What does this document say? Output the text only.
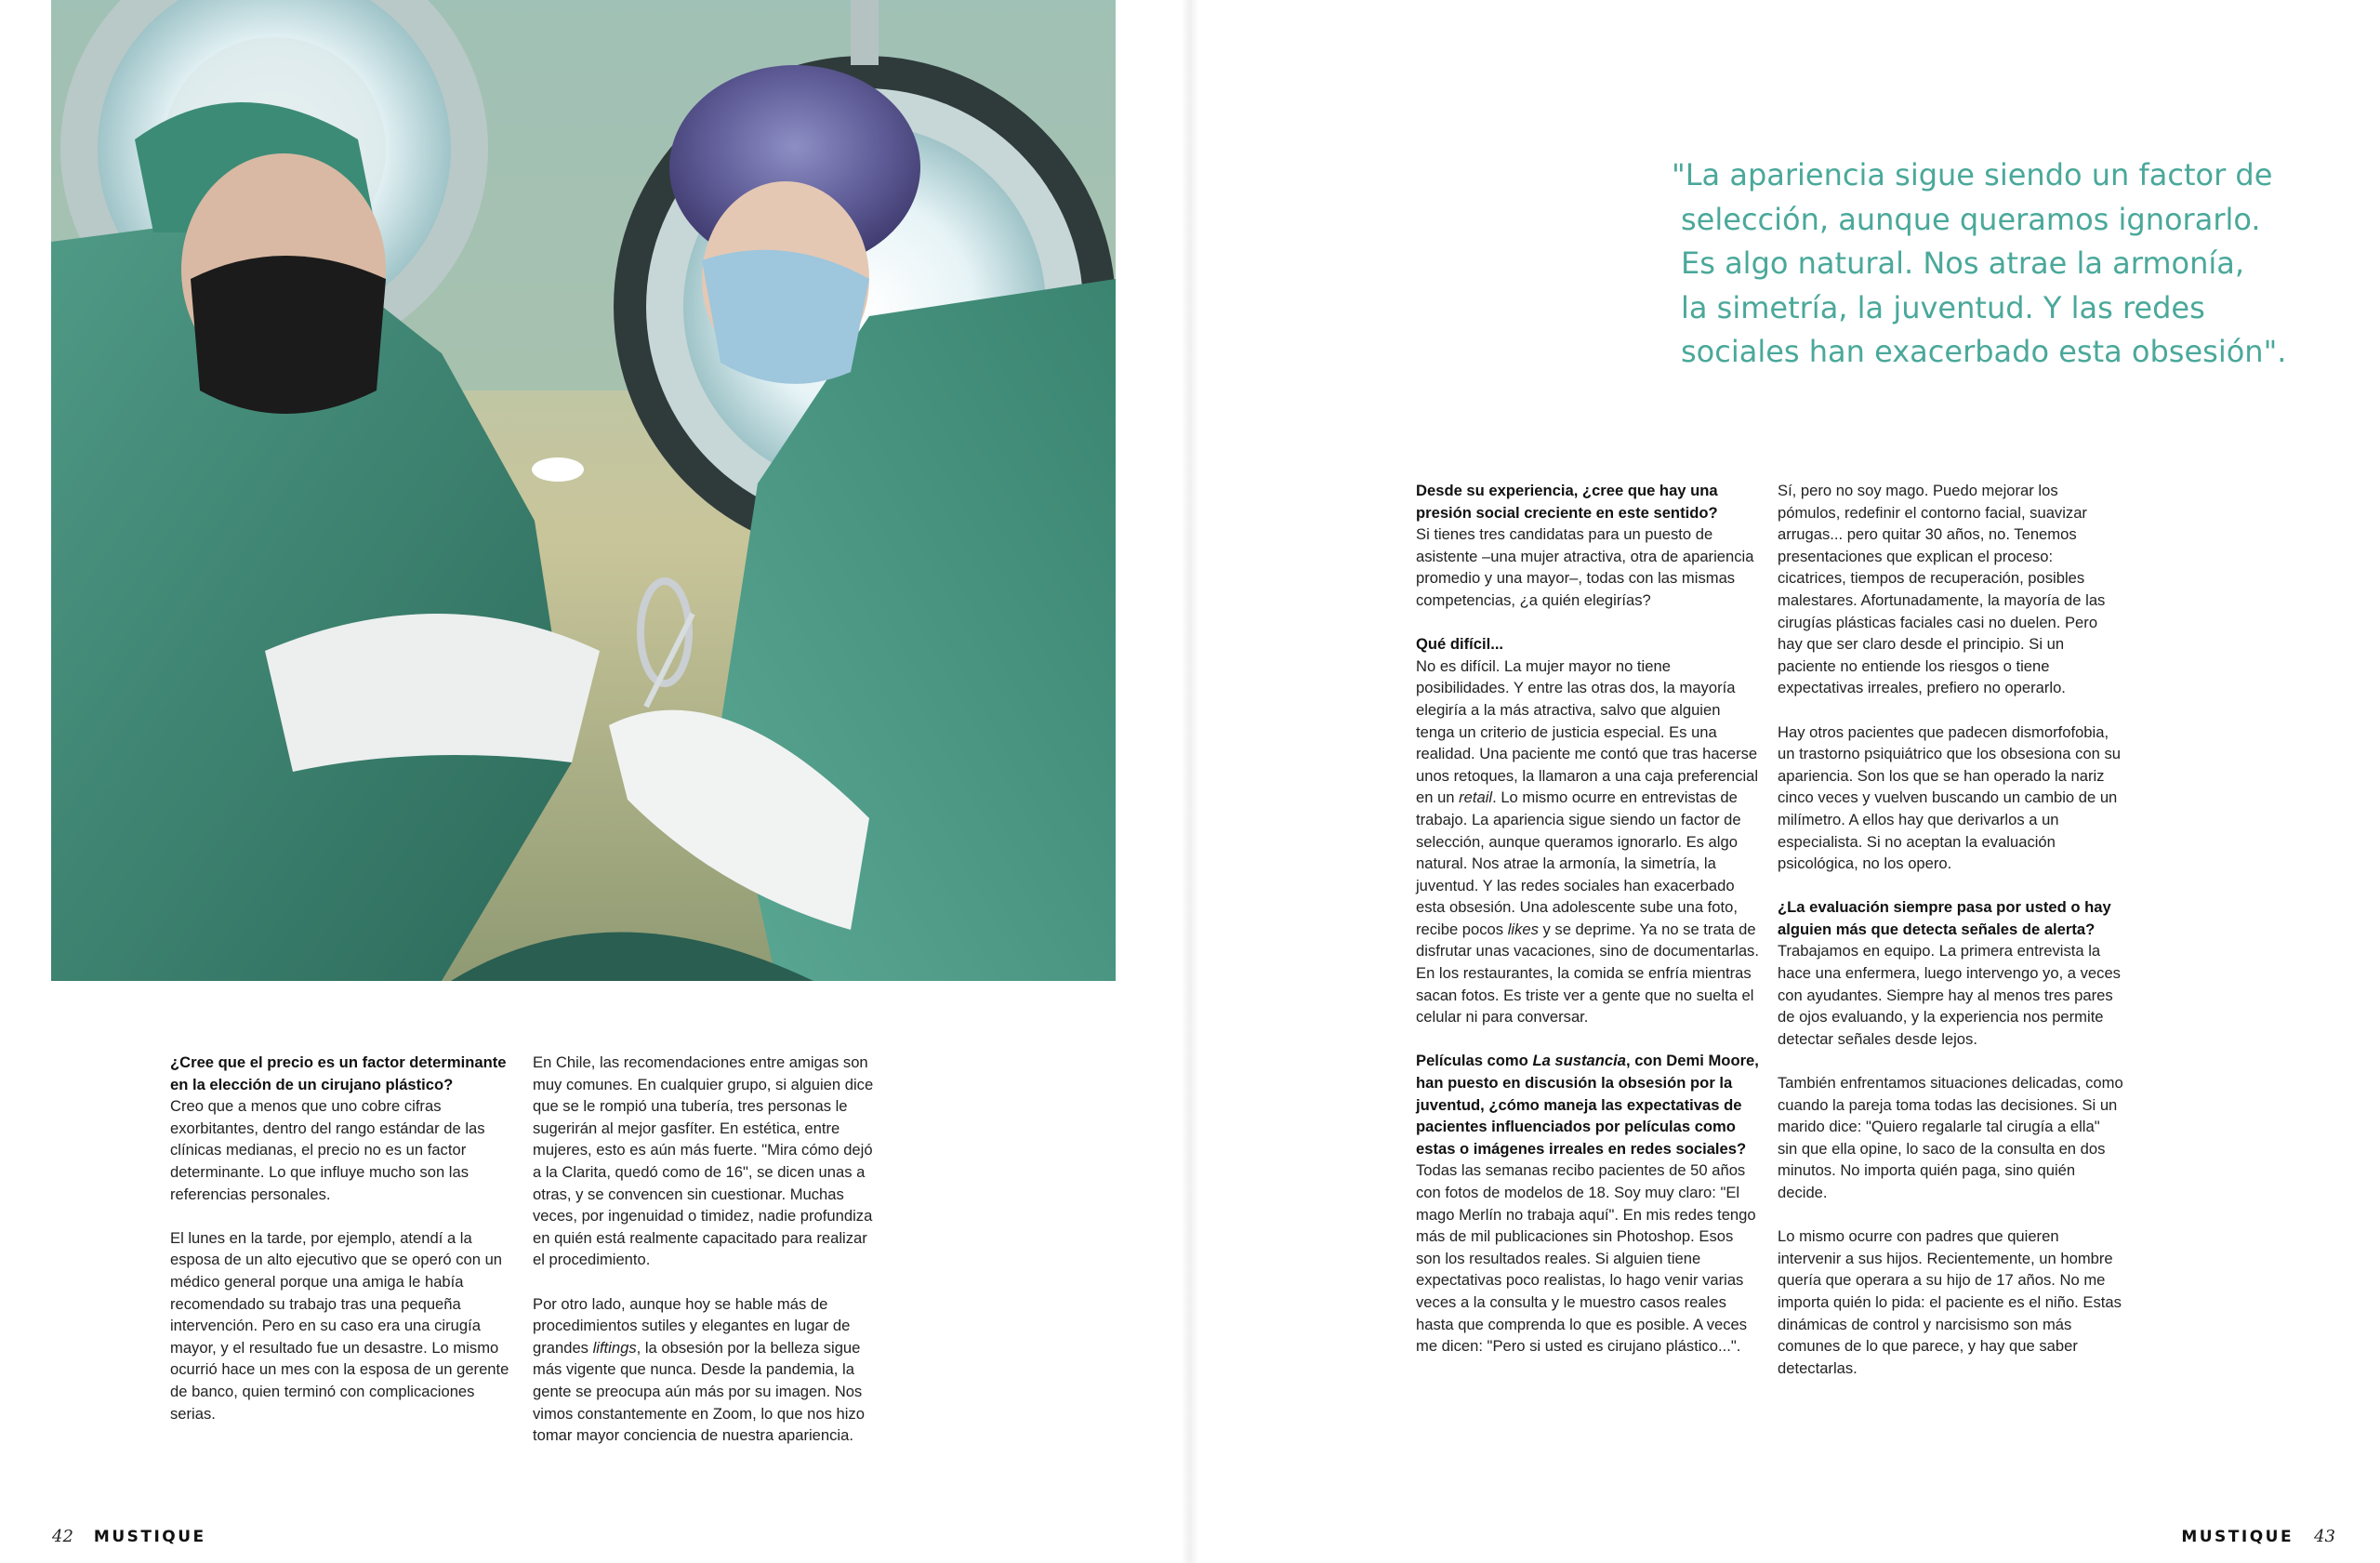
¿Cree que el precio es un factor determinante en la elección de un cirujano plástico?
Creo que a menos que uno cobre cifras exorbitantes, dentro del rango estándar de las clínicas medianas, el precio no es un factor determinante. Lo que influye mucho son las referencias personales.

El lunes en la tarde, por ejemplo, atendí a la esposa de un alto ejecutivo que se operó con un médico general porque una amiga le había recomendado su trabajo tras una pequeña intervención. Pero en su caso era una cirugía mayor, y el resultado fue un desastre. Lo mismo ocurrió hace un mes con la esposa de un gerente de banco, quien terminó con complicaciones serias.

En Chile, las recomendaciones entre amigas son muy comunes. En cualquier grupo, si alguien dice que se le rompió una tubería, tres personas le sugerirán al mejor gasfíter. En estética, entre mujeres, esto es aún más fuerte. "Mira cómo dejó a la Clarita, quedó como de 16", se dicen unas a otras, y se convencen sin cuestionar. Muchas veces, por ingenuidad o timidez, nadie profundiza en quién está realmente capacitado para realizar el procedimiento.

Por otro lado, aunque hoy se hable más de procedimientos sutiles y elegantes en lugar de grandes liftings, la obsesión por la belleza sigue más vigente que nunca. Desde la pandemia, la gente se preocupa aún más por su imagen. Nos vimos constantemente en Zoom, lo que nos hizo tomar mayor conciencia de nuestra apariencia.

42 MUSTIQUE
"La apariencia sigue siendo un factor de
selección, aunque queramos ignorarlo.
Es algo natural. Nos atrae la armonía,
la simetría, la juventud. Y las redes
sociales han exacerbado esta obsesión".

Desde su experiencia, ¿cree que hay una presión social creciente en este sentido?
Si tienes tres candidatas para un puesto de asistente –una mujer atractiva, otra de apariencia promedio y una mayor–, todas con las mismas competencias, ¿a quién elegirías?

Qué difícil...
No es difícil. La mujer mayor no tiene posibilidades. Y entre las otras dos, la mayoría elegiría a la más atractiva, salvo que alguien tenga un criterio de justicia especial. Es una realidad. Una paciente me contó que tras hacerse unos retoques, la llamaron a una caja preferencial en un retail. Lo mismo ocurre en entrevistas de trabajo. La apariencia sigue siendo un factor de selección, aunque queramos ignorarlo. Es algo natural. Nos atrae la armonía, la simetría, la juventud. Y las redes sociales han exacerbado esta obsesión. Una adolescente sube una foto, recibe pocos likes y se deprime. Ya no se trata de disfrutar unas vacaciones, sino de documentarlas. En los restaurantes, la comida se enfría mientras sacan fotos. Es triste ver a gente que no suelta el celular ni para conversar.

Películas como La sustancia, con Demi Moore, han puesto en discusión la obsesión por la juventud, ¿cómo maneja las expectativas de pacientes influenciados por películas como estas o imágenes irreales en redes sociales?
Todas las semanas recibo pacientes de 50 años con fotos de modelos de 18. Soy muy claro: "El mago Merlín no trabaja aquí". En mis redes tengo más de mil publicaciones sin Photoshop. Esos son los resultados reales. Si alguien tiene expectativas poco realistas, lo hago venir varias veces a la consulta y le muestro casos reales hasta que comprenda lo que es posible. A veces me dicen: "Pero si usted es cirujano plástico...".

Sí, pero no soy mago. Puedo mejorar los pómulos, redefinir el contorno facial, suavizar arrugas... pero quitar 30 años, no. Tenemos presentaciones que explican el proceso: cicatrices, tiempos de recuperación, posibles malestares. Afortunadamente, la mayoría de las cirugías plásticas faciales casi no duelen. Pero hay que ser claro desde el principio. Si un paciente no entiende los riesgos o tiene expectativas irreales, prefiero no operarlo.

Hay otros pacientes que padecen dismorfofobia, un trastorno psiquiátrico que los obsesiona con su apariencia. Son los que se han operado la nariz cinco veces y vuelven buscando un cambio de un milímetro. A ellos hay que derivarlos a un especialista. Si no aceptan la evaluación psicológica, no los opero.

¿La evaluación siempre pasa por usted o hay alguien más que detecta señales de alerta?
Trabajamos en equipo. La primera entrevista la hace una enfermera, luego intervengo yo, a veces con ayudantes. Siempre hay al menos tres pares de ojos evaluando, y la experiencia nos permite detectar señales desde lejos.

También enfrentamos situaciones delicadas, como cuando la pareja toma todas las decisiones. Si un marido dice: "Quiero regalarle tal cirugía a ella" sin que ella opine, lo saco de la consulta en dos minutos. No importa quién paga, sino quién decide.

Lo mismo ocurre con padres que quieren intervenir a sus hijos. Recientemente, un hombre quería que operara a su hijo de 17 años. No me importa quién lo pida: el paciente es el niño. Estas dinámicas de control y narcisismo son más comunes de lo que parece, y hay que saber detectarlas.

MUSTIQUE 43
